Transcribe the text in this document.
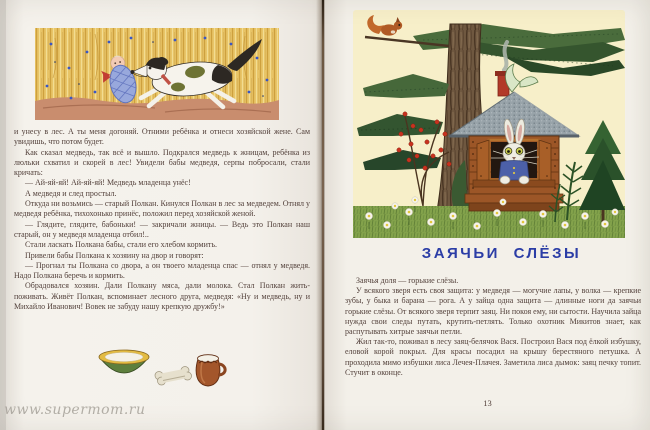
и унесу в лес. А ты меня догоняй. Отними ребёнка и отнеси хозяйской жене. Сам увидишь, что потом будет.

Как сказал медведь, так всё и вышло. Подкрался медведь к жницам, ребёнка из люльки схватил и скорей в лес! Увидели бабы медведя, серпы побросали, стали кричать:

— Ай-яй-яй! Ай-яй-яй! Медведь младенца унёс!

А медведя и след простыл.

Откуда ни возьмись — старый Полкан. Кинулся Полкан в лес за медведем. Отнял у медведя ребёнка, тихохонько принёс, положил перед хозяйской женой.

— Глядите, глядите, бабоньки! — закричали жницы. — Ведь это Полкан наш старый, он у медведя младенца отбил!..

Стали ласкать Полкана бабы, стали его хлебом кормить.

Привели бабы Полкана к хозяину на двор и говорят:

— Прогнал ты Полкана со двора, а он твоего младенца спас — отнял у медведя. Надо Полкана беречь и кормить.

Обрадовался хозяин. Дали Полкану мяса, дали молока. Стал Полкан жить-поживать. Живёт Полкан, вспоминает лесного друга, медведя: «Ну и медведь, ну и Михайло Иванович! Вовек не забуду нашу крепкую дружбу!»

ЗАЯЧЬИ СЛЁЗЫ

Заячья доля — горькие слёзы.

У всякого зверя есть своя защита: у медведя — могучие лапы, у волка — крепкие зубы, у быка и барана — рога. А у зайца одна защита — длинные ноги да заячьи горькие слёзы. От всякого зверя терпит заяц. Ни покоя ему, ни сытости. Научила зайца нужда свои следы путать, крутить-петлять. Только охотник Микитов знает, как распутывать хитрые заячьи петли.

Жил так-то, поживал в лесу заяц-белячок Вася. Построил Вася под ёлкой избушку, еловой корой покрыл. Для красы посадил на крышу берестяного петушка. А проходила мимо избушки лиса Лечея-Плачея. Заметила лиса дымок: заяц печку топит. Стучит в оконце.

13
www.supermom.ru
